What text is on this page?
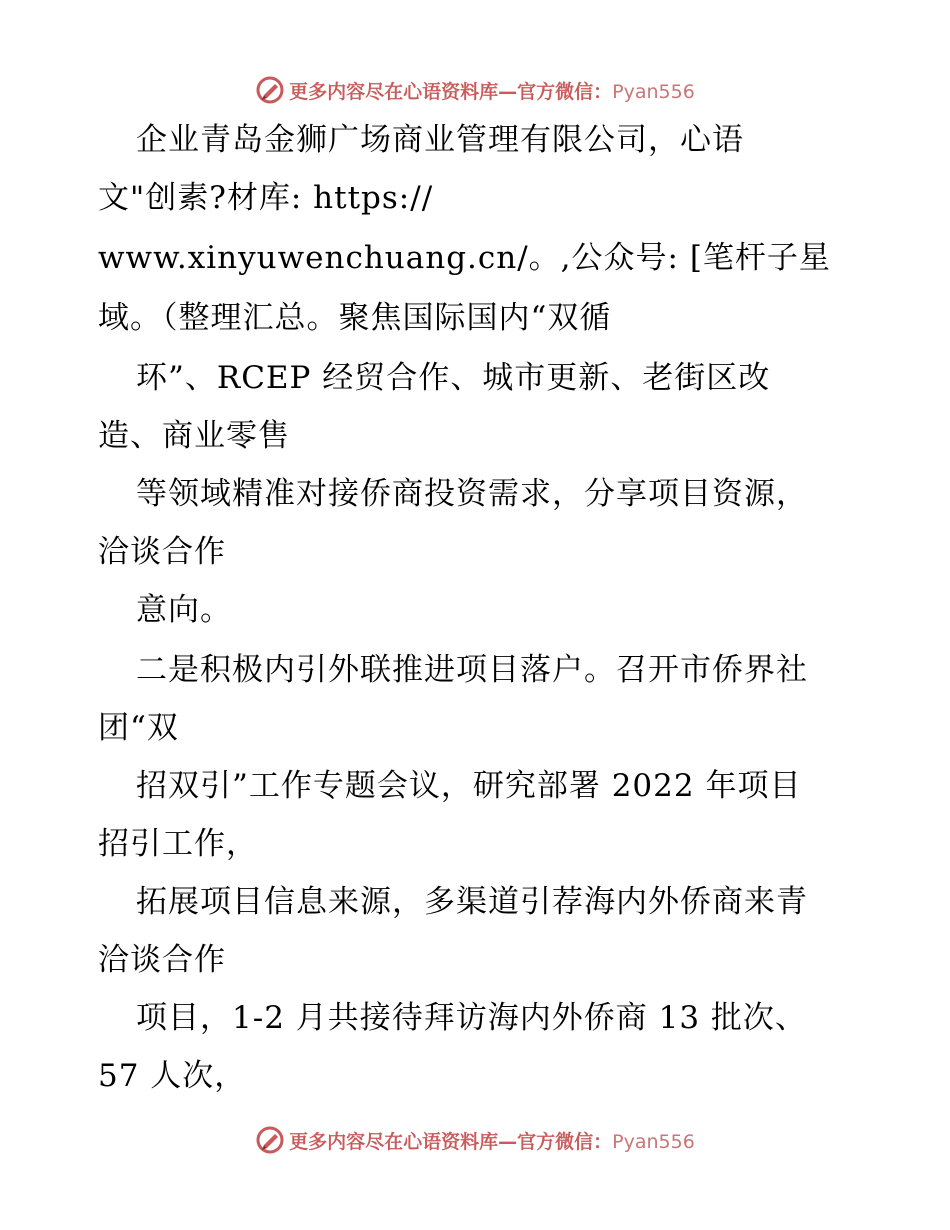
更多内容尽在心语资料库—官方微信：Pyan556
企业青岛金狮广场商业管理有限公司，心语
文"创素?材库: https://
www.xinyuwenchuang.cn/。,公众号: [笔杆子星
域。（整理汇总。聚焦国际国内“双循
环”、RCEP 经贸合作、城市更新、老街区改
造、商业零售
等领域精准对接侨商投资需求，分享项目资源，
洽谈合作
意向。
二是积极内引外联推进项目落户。召开市侨界社
团“双
招双引”工作专题会议，研究部署 2022 年项目
招引工作，
拓展项目信息来源，多渠道引荐海内外侨商来青
洽谈合作
项目，1-2 月共接待拜访海内外侨商 13 批次、
57 人次，
更多内容尽在心语资料库—官方微信：Pyan556
